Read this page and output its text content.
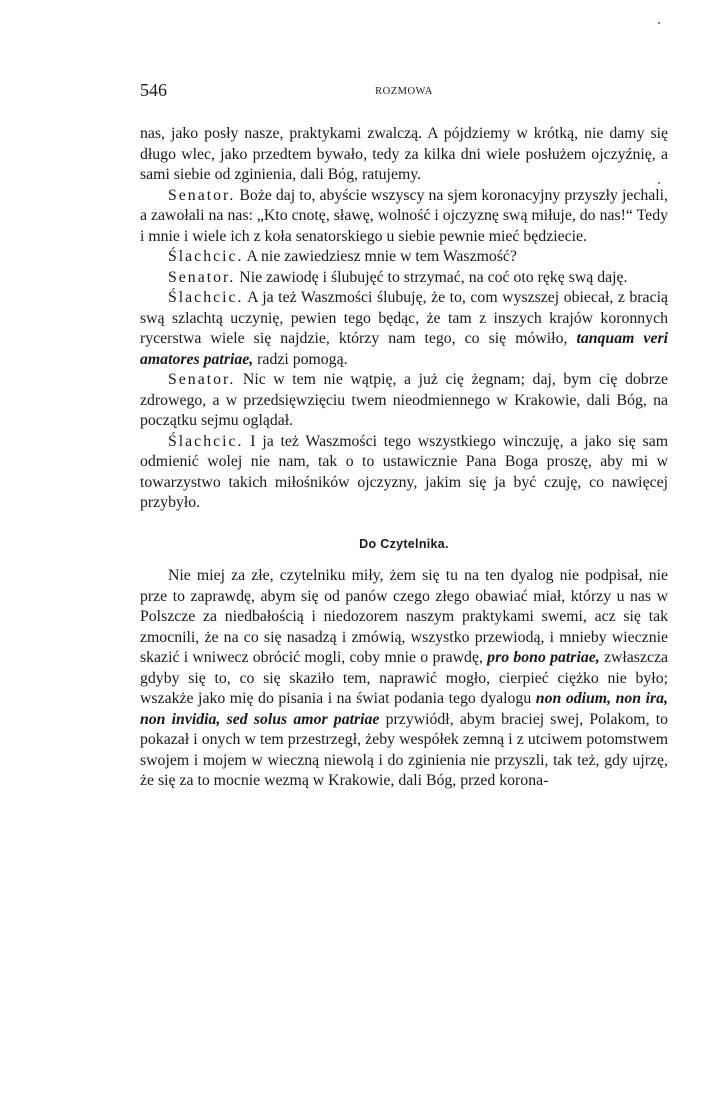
546	ROZMOWA

nas, jako posły nasze, praktykami zwalczą. A pójdziemy w krótką, nie damy się długo wlec, jako przedtem bywało, tedy za kilka dni wiele posłużem ojczyźnię, a sami siebie od zginienia, dali Bóg, ratujemy.

Senator. Boże daj to, abyście wszyscy na sjem koronacyjny przyszły jechali, a zawołali na nas: „Kto cnotę, sławę, wolność i ojczyznę swą miłuje, do nas!“ Tedy i mnie i wiele ich z koła senatorskiego u siebie pewnie mieć będziecie.

Ślachcic. A nie zawiedziesz mnie w tem Waszmość?

Senator. Nie zawiodę i ślubujęć to strzymać, na coć oto rękę swą daję.

Ślachcic. A ja też Waszmości ślubuję, że to, com wyszszej obiecał, z bracią swą szlachtą uczynię, pewien tego będąc, że tam z inszych krajów koronnych rycerstwa wiele się najdzie, którzy nam tego, co się mówiło, tanquam veri amatores patriae, radzi pomogą.

Senator. Nic w tem nie wątpię, a już cię żegnam; daj, bym cię dobrze zdrowego, a w przedsięwzięciu twem nieodmiennego w Krakowie, dali Bóg, na początku sejmu oglądał.

Ślachcic. I ja też Waszmości tego wszystkiego winczuję, a jako się sam odmienić wolej nie nam, tak o to ustawicznie Pana Boga proszę, aby mi w towarzystwo takich miłośników ojczyzny, jakim się ja być czuję, co nawięcej przybyło.

Do Czytelnika.

Nie miej za złe, czytelniku miły, żem się tu na ten dyalog nie podpisał, nie prze to zaprawdę, abym się od panów czego złego obawiać miał, którzy u nas w Polszcze za niedbałością i niedozorem naszym praktykami swemi, acz się tak zmocnili, że na co się nasadzą i zmówią, wszystko przewiodą, i mnieby wiecznie skazić i wniwecz obrócić mogli, coby mnie o prawdę, pro bono patriae, zwłaszcza gdyby się to, co się skaziło tem, naprawić mogło, cierpieć ciężko nie było; wszakże jako mię do pisania i na świat podania tego dyalogu non odium, non ira, non invidia, sed solus amor patriae przywiódł, abym braciej swej, Polakom, to pokazał i onych w tem przestrzegł, żeby wespółek zemną i z utciwem potomstwem swojem i mojem w wieczną niewolą i do zginienia nie przyszli, tak też, gdy ujrzę, że się za to mocnie wezmą w Krakowie, dali Bóg, przed korona-
